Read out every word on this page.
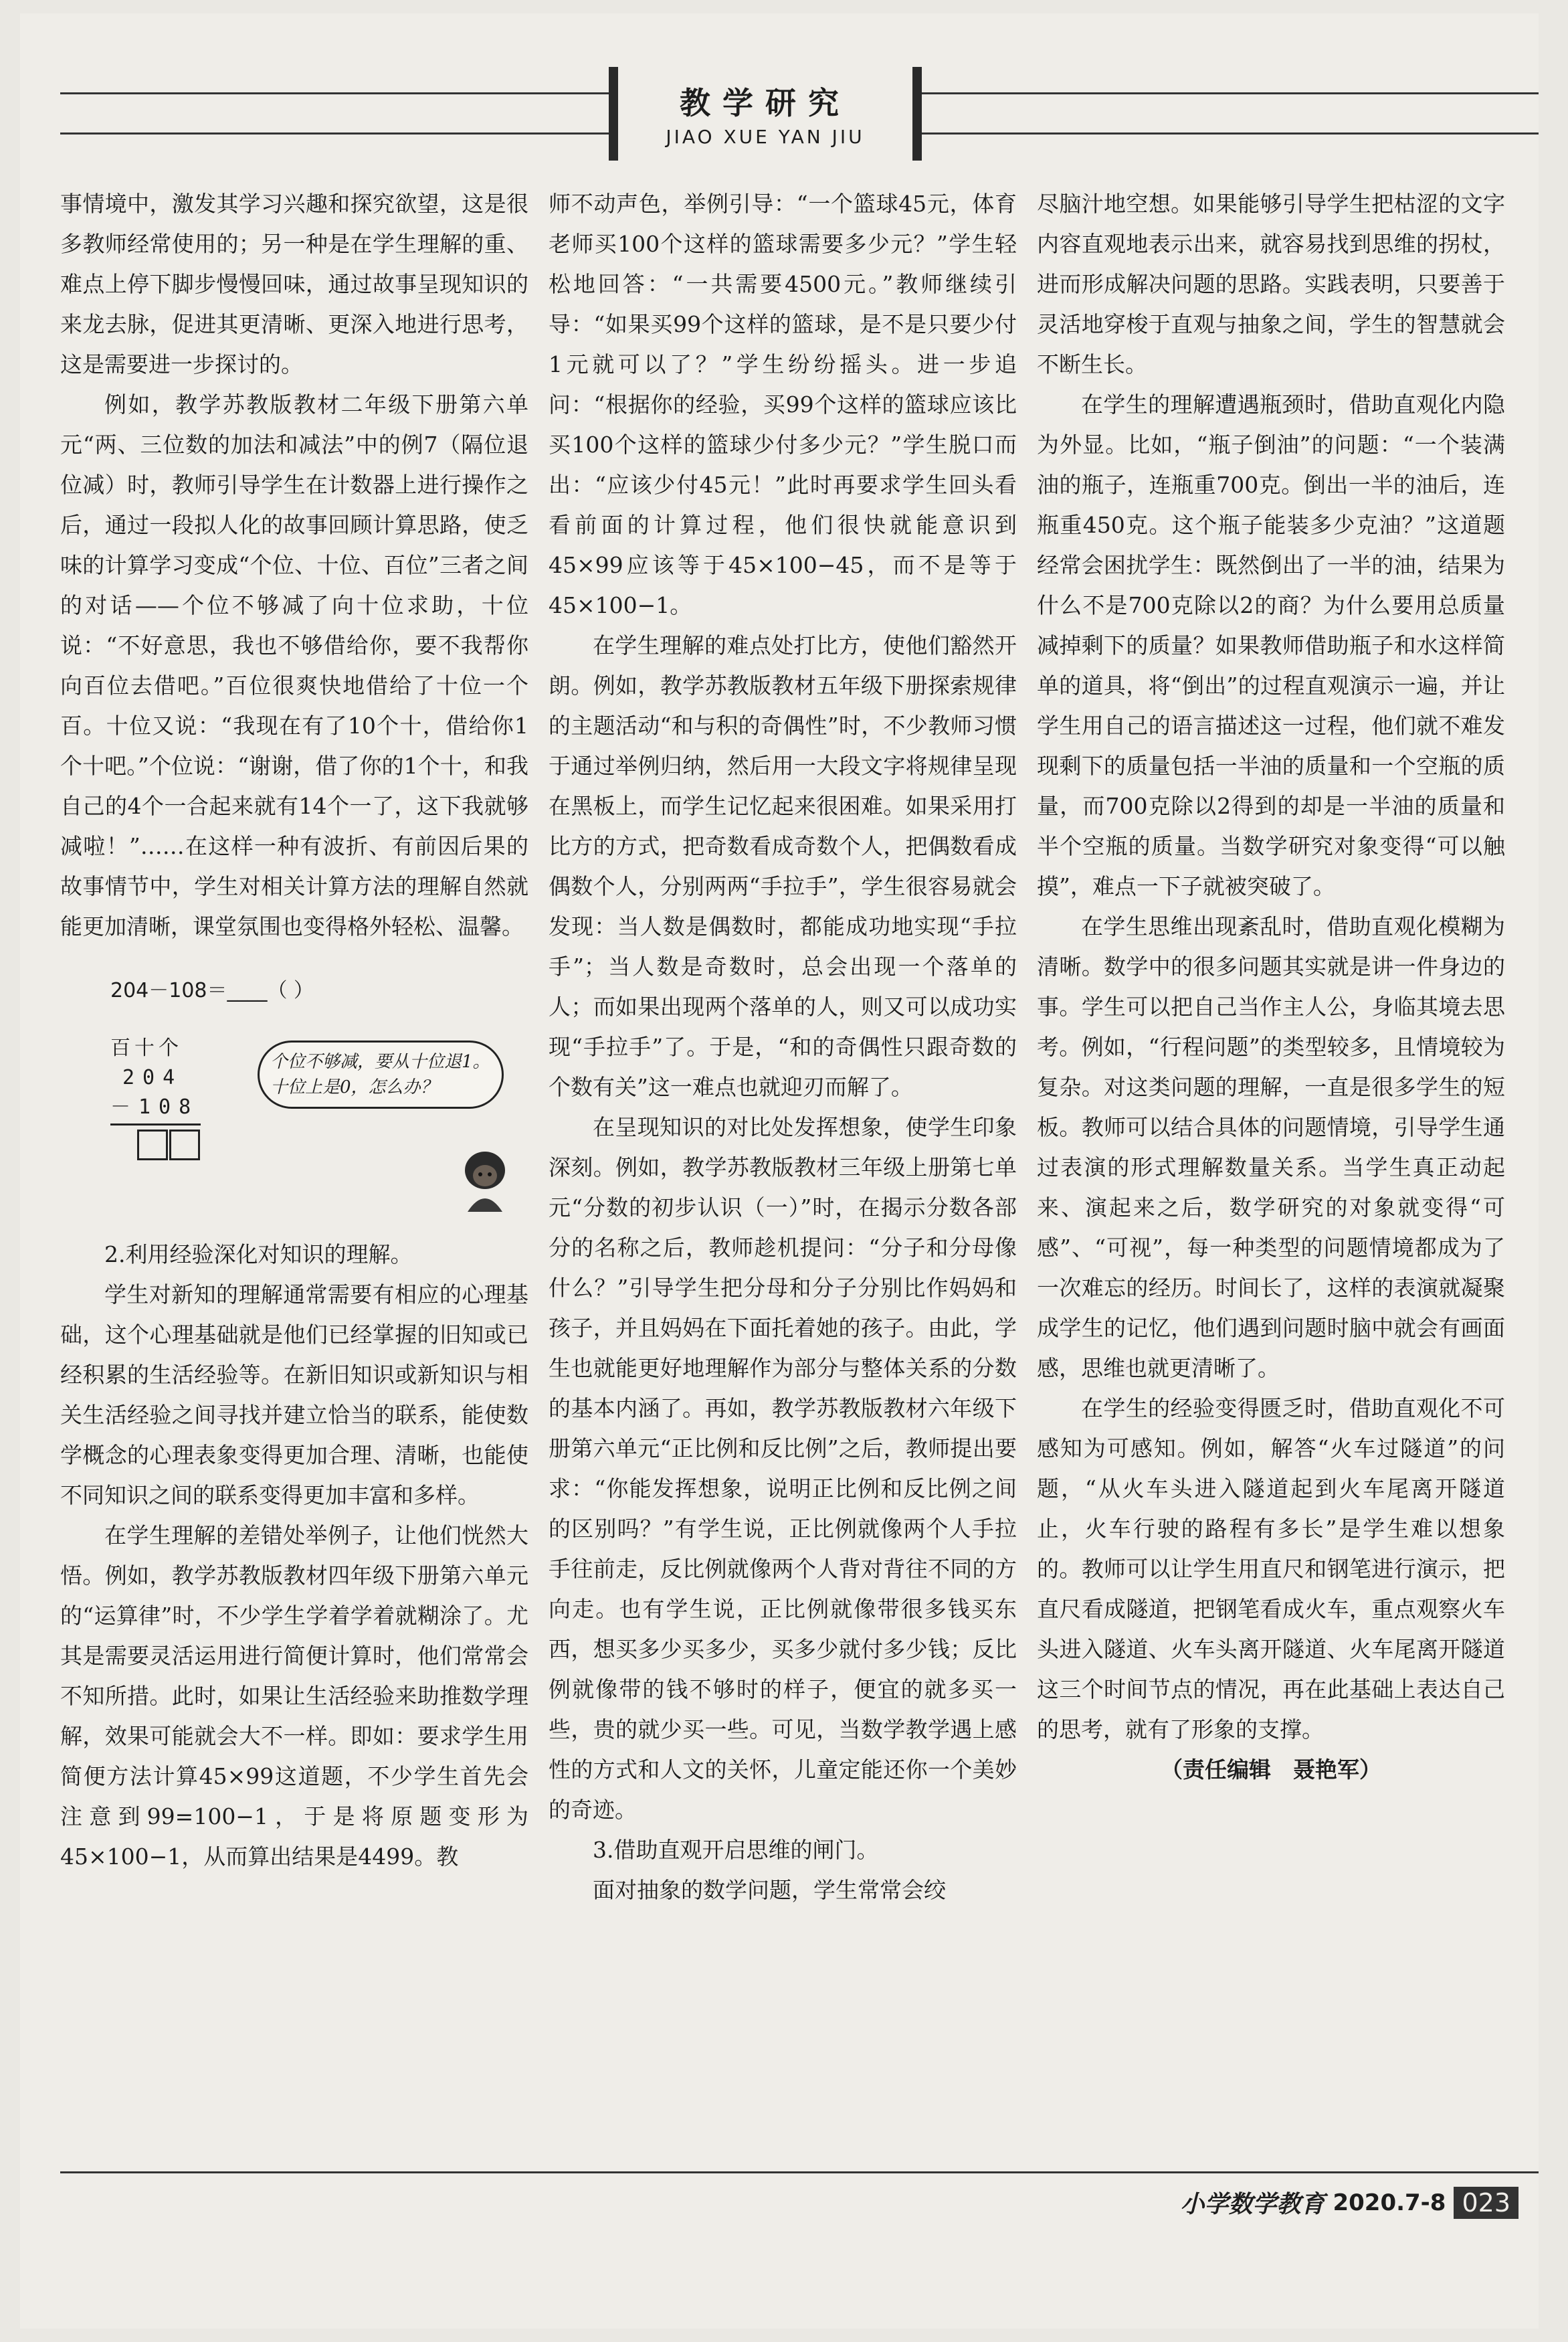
教学研究
JIAO XUE YAN JIU

事情境中，激发其学习兴趣和探究欲望，这是很多教师经常使用的；另一种是在学生理解的重、难点上停下脚步慢慢回味，通过故事呈现知识的来龙去脉，促进其更清晰、更深入地进行思考，这是需要进一步探讨的。

例如，教学苏教版教材二年级下册第六单元“两、三位数的加法和减法”中的例7（隔位退位减）时，教师引导学生在计数器上进行操作之后，通过一段拟人化的故事回顾计算思路，使乏味的计算学习变成“个位、十位、百位”三者之间的对话——个位不够减了向十位求助，十位说：“不好意思，我也不够借给你，要不我帮你向百位去借吧。”百位很爽快地借给了十位一个百。十位又说：“我现在有了10个十，借给你1个十吧。”个位说：“谢谢，借了你的1个十，和我自己的4个一合起来就有14个一了，这下我就够减啦！”……在这样一种有波折、有前因后果的故事情节中，学生对相关计算方法的理解自然就能更加清晰，课堂氛围也变得格外轻松、温馨。

204－108＝____（ ）
百十个
204
－108
个位不够减，要从十位退1。十位上是0，怎么办？
2.利用经验深化对知识的理解。

学生对新知的理解通常需要有相应的心理基础，这个心理基础就是他们已经掌握的旧知或已经积累的生活经验等。在新旧知识或新知识与相关生活经验之间寻找并建立恰当的联系，能使数学概念的心理表象变得更加合理、清晰，也能使不同知识之间的联系变得更加丰富和多样。

在学生理解的差错处举例子，让他们恍然大悟。例如，教学苏教版教材四年级下册第六单元的“运算律”时，不少学生学着学着就糊涂了。尤其是需要灵活运用进行简便计算时，他们常常会不知所措。此时，如果让生活经验来助推数学理解，效果可能就会大不一样。即如：要求学生用简便方法计算45×99这道题，不少学生首先会注意到99=100−1，于是将原题变形为45×100−1，从而算出结果是4499。教

师不动声色，举例引导：“一个篮球45元，体育老师买100个这样的篮球需要多少元？”学生轻松地回答：“一共需要4500元。”教师继续引导：“如果买99个这样的篮球，是不是只要少付1元就可以了？”学生纷纷摇头。进一步追问：“根据你的经验，买99个这样的篮球应该比买100个这样的篮球少付多少元？”学生脱口而出：“应该少付45元！”此时再要求学生回头看看前面的计算过程，他们很快就能意识到45×99应该等于45×100−45，而不是等于45×100−1。

在学生理解的难点处打比方，使他们豁然开朗。例如，教学苏教版教材五年级下册探索规律的主题活动“和与积的奇偶性”时，不少教师习惯于通过举例归纳，然后用一大段文字将规律呈现在黑板上，而学生记忆起来很困难。如果采用打比方的方式，把奇数看成奇数个人，把偶数看成偶数个人，分别两两“手拉手”，学生很容易就会发现：当人数是偶数时，都能成功地实现“手拉手”；当人数是奇数时，总会出现一个落单的人；而如果出现两个落单的人，则又可以成功实现“手拉手”了。于是，“和的奇偶性只跟奇数的个数有关”这一难点也就迎刃而解了。

在呈现知识的对比处发挥想象，使学生印象深刻。例如，教学苏教版教材三年级上册第七单元“分数的初步认识（一）”时，在揭示分数各部分的名称之后，教师趁机提问：“分子和分母像什么？”引导学生把分母和分子分别比作妈妈和孩子，并且妈妈在下面托着她的孩子。由此，学生也就能更好地理解作为部分与整体关系的分数的基本内涵了。再如，教学苏教版教材六年级下册第六单元“正比例和反比例”之后，教师提出要求：“你能发挥想象，说明正比例和反比例之间的区别吗？”有学生说，正比例就像两个人手拉手往前走，反比例就像两个人背对背往不同的方向走。也有学生说，正比例就像带很多钱买东西，想买多少买多少，买多少就付多少钱；反比例就像带的钱不够时的样子，便宜的就多买一些，贵的就少买一些。可见，当数学教学遇上感性的方式和人文的关怀，儿童定能还你一个美妙的奇迹。

3.借助直观开启思维的闸门。

面对抽象的数学问题，学生常常会绞

尽脑汁地空想。如果能够引导学生把枯涩的文字内容直观地表示出来，就容易找到思维的拐杖，进而形成解决问题的思路。实践表明，只要善于灵活地穿梭于直观与抽象之间，学生的智慧就会不断生长。

在学生的理解遭遇瓶颈时，借助直观化内隐为外显。比如，“瓶子倒油”的问题：“一个装满油的瓶子，连瓶重700克。倒出一半的油后，连瓶重450克。这个瓶子能装多少克油？”这道题经常会困扰学生：既然倒出了一半的油，结果为什么不是700克除以2的商？为什么要用总质量减掉剩下的质量？如果教师借助瓶子和水这样简单的道具，将“倒出”的过程直观演示一遍，并让学生用自己的语言描述这一过程，他们就不难发现剩下的质量包括一半油的质量和一个空瓶的质量，而700克除以2得到的却是一半油的质量和半个空瓶的质量。当数学研究对象变得“可以触摸”，难点一下子就被突破了。

在学生思维出现紊乱时，借助直观化模糊为清晰。数学中的很多问题其实就是讲一件身边的事。学生可以把自己当作主人公，身临其境去思考。例如，“行程问题”的类型较多，且情境较为复杂。对这类问题的理解，一直是很多学生的短板。教师可以结合具体的问题情境，引导学生通过表演的形式理解数量关系。当学生真正动起来、演起来之后，数学研究的对象就变得“可感”、“可视”，每一种类型的问题情境都成为了一次难忘的经历。时间长了，这样的表演就凝聚成学生的记忆，他们遇到问题时脑中就会有画面感，思维也就更清晰了。

在学生的经验变得匮乏时，借助直观化不可感知为可感知。例如，解答“火车过隧道”的问题，“从火车头进入隧道起到火车尾离开隧道止，火车行驶的路程有多长”是学生难以想象的。教师可以让学生用直尺和钢笔进行演示，把直尺看成隧道，把钢笔看成火车，重点观察火车头进入隧道、火车头离开隧道、火车尾离开隧道这三个时间节点的情况，再在此基础上表达自己的思考，就有了形象的支撑。

（责任编辑　聂艳军）
小学数学教育 2020.7-8 023
